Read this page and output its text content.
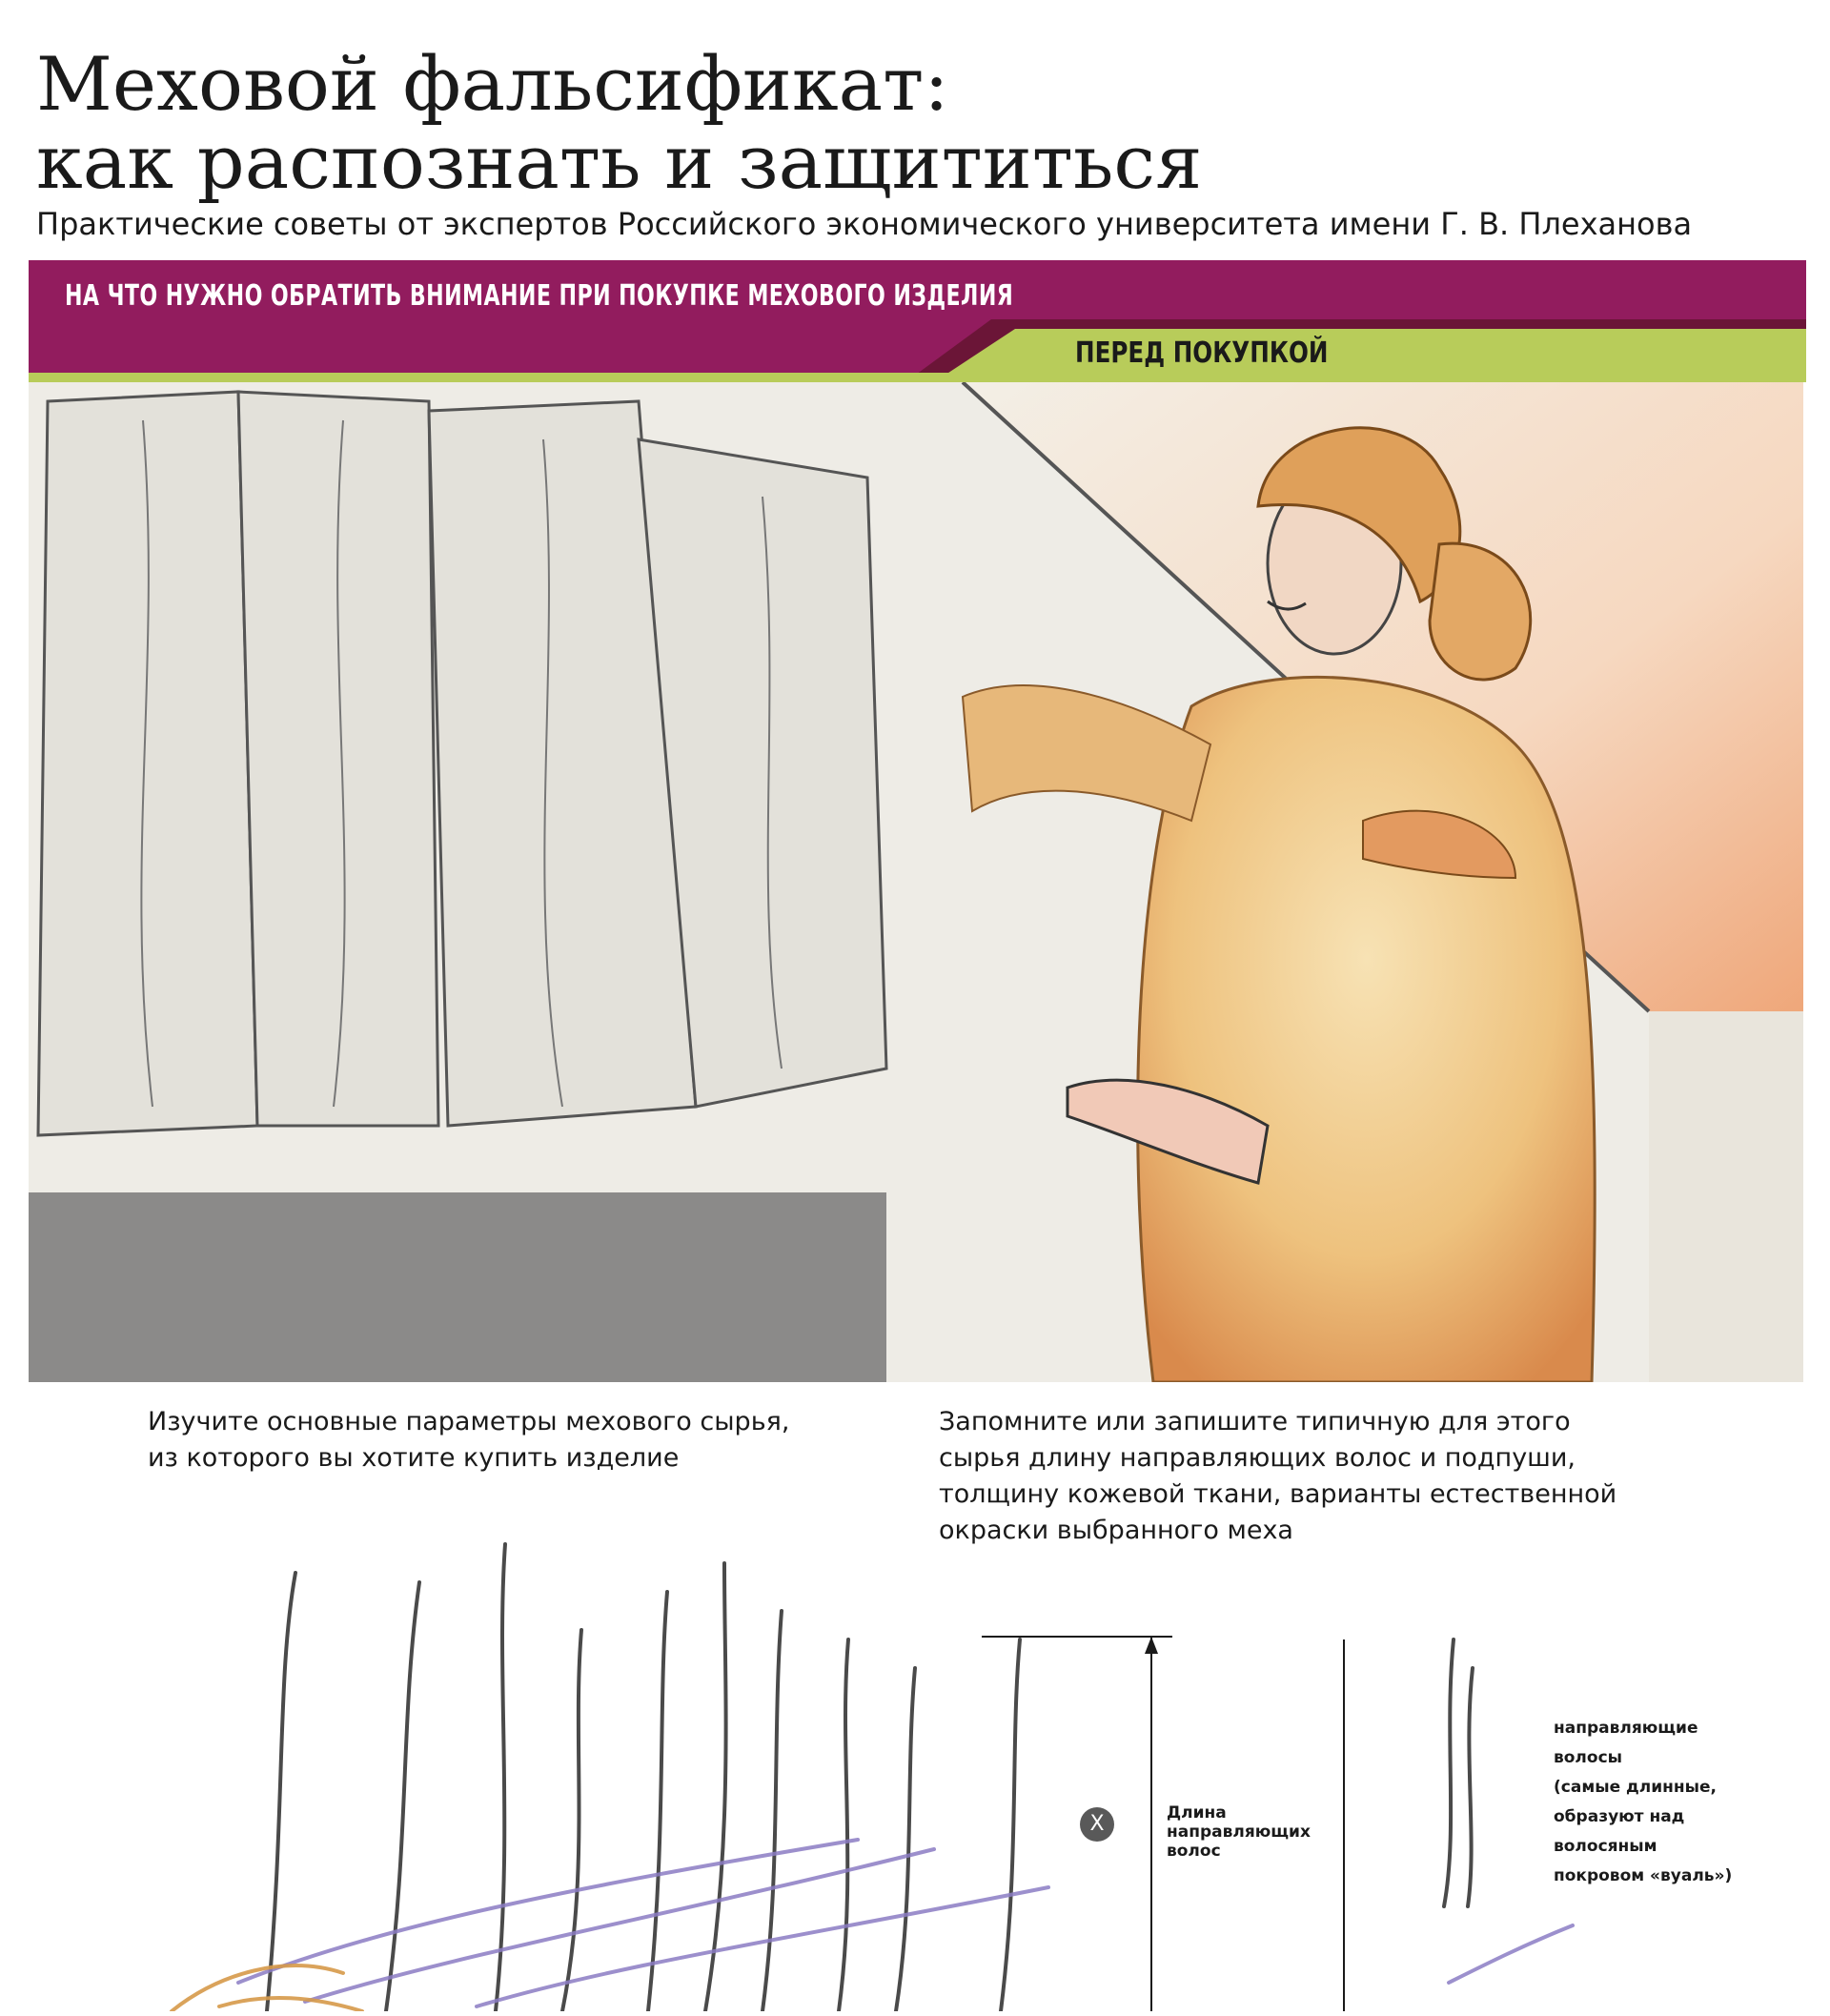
Меховой фальсификат:
как распознать и защититься
Практические советы от экспертов Российского экономического университета имени Г. В. Плеханова
НА ЧТО НУЖНО ОБРАТИТЬ ВНИМАНИЕ ПРИ ПОКУПКЕ МЕХОВОГО ИЗДЕЛИЯ
ПЕРЕД ПОКУПКОЙ
Изучите основные параметры мехового сырья,
из которого вы хотите купить изделие
Запомните или запишите типичную для этого
сырья длину направляющих волос и подпуши,
толщину кожевой ткани, варианты естественной
окраски выбранного меха
X	Длина
направляющих
волос
направляющие
волосы
(самые длинные,
образуют над
волосяным
покровом «вуаль»)
